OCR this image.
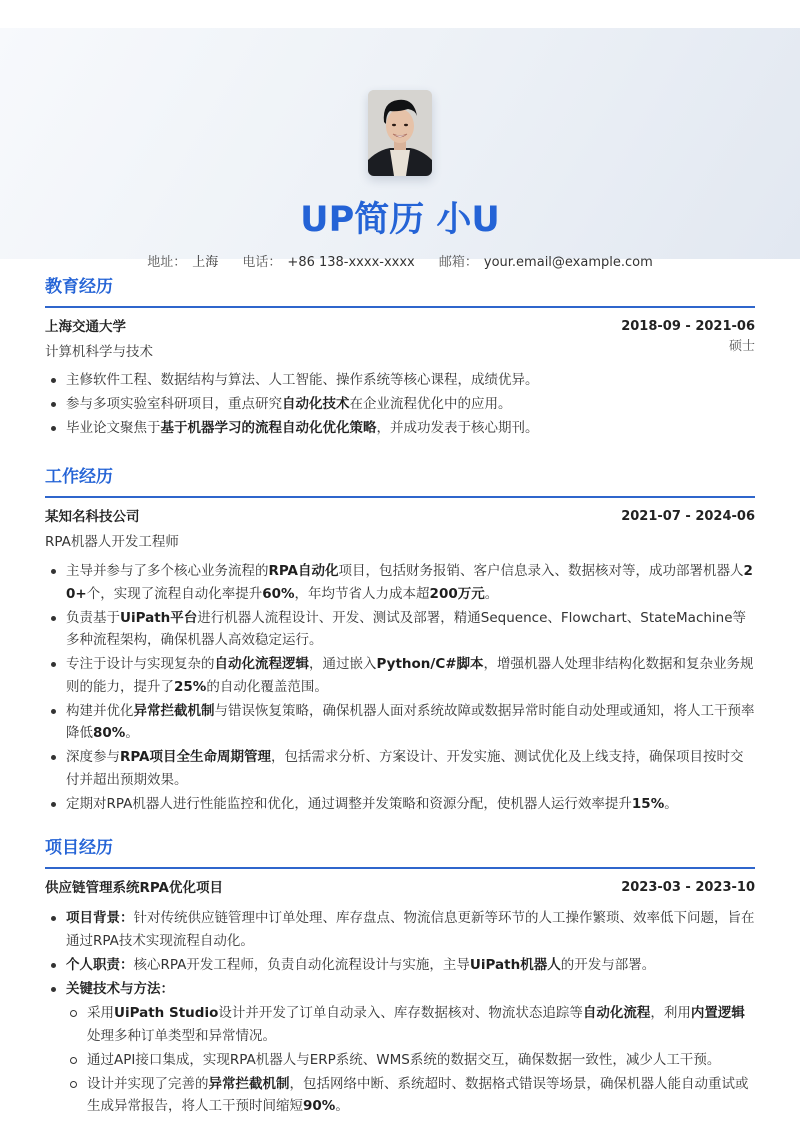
UP简历 小U
地址： 上海 电话： +86 138-xxxx-xxxx 邮箱： your.email@example.com
教育经历
上海交通大学	2018-09 - 2021-06
计算机科学与技术	硕士
主修软件工程、数据结构与算法、人工智能、操作系统等核心课程，成绩优异。
参与多项实验室科研项目，重点研究自动化技术在企业流程优化中的应用。
毕业论文聚焦于基于机器学习的流程自动化优化策略，并成功发表于核心期刊。
工作经历
某知名科技公司	2021-07 - 2024-06
RPA机器人开发工程师
主导并参与了多个核心业务流程的RPA自动化项目，包括财务报销、客户信息录入、数据核对等，成功部署机器人20+个，实现了流程自动化率提升60%，年均节省人力成本超200万元。
负责基于UiPath平台进行机器人流程设计、开发、测试及部署，精通Sequence、Flowchart、StateMachine等多种流程架构，确保机器人高效稳定运行。
专注于设计与实现复杂的自动化流程逻辑，通过嵌入Python/C#脚本，增强机器人处理非结构化数据和复杂业务规则的能力，提升了25%的自动化覆盖范围。
构建并优化异常拦截机制与错误恢复策略，确保机器人面对系统故障或数据异常时能自动处理或通知，将人工干预率降低80%。
深度参与RPA项目全生命周期管理，包括需求分析、方案设计、开发实施、测试优化及上线支持，确保项目按时交付并超出预期效果。
定期对RPA机器人进行性能监控和优化，通过调整并发策略和资源分配，使机器人运行效率提升15%。
项目经历
供应链管理系统RPA优化项目	2023-03 - 2023-10
项目背景：针对传统供应链管理中订单处理、库存盘点、物流信息更新等环节的人工操作繁琐、效率低下问题，旨在通过RPA技术实现流程自动化。
个人职责：核心RPA开发工程师，负责自动化流程设计与实施，主导UiPath机器人的开发与部署。
关键技术与方法：
采用UiPath Studio设计并开发了订单自动录入、库存数据核对、物流状态追踪等自动化流程，利用内置逻辑处理多种订单类型和异常情况。
通过API接口集成，实现RPA机器人与ERP系统、WMS系统的数据交互，确保数据一致性，减少人工干预。
设计并实现了完善的异常拦截机制，包括网络中断、系统超时、数据格式错误等场景，确保机器人能自动重试或生成异常报告，将人工干预时间缩短90%。
